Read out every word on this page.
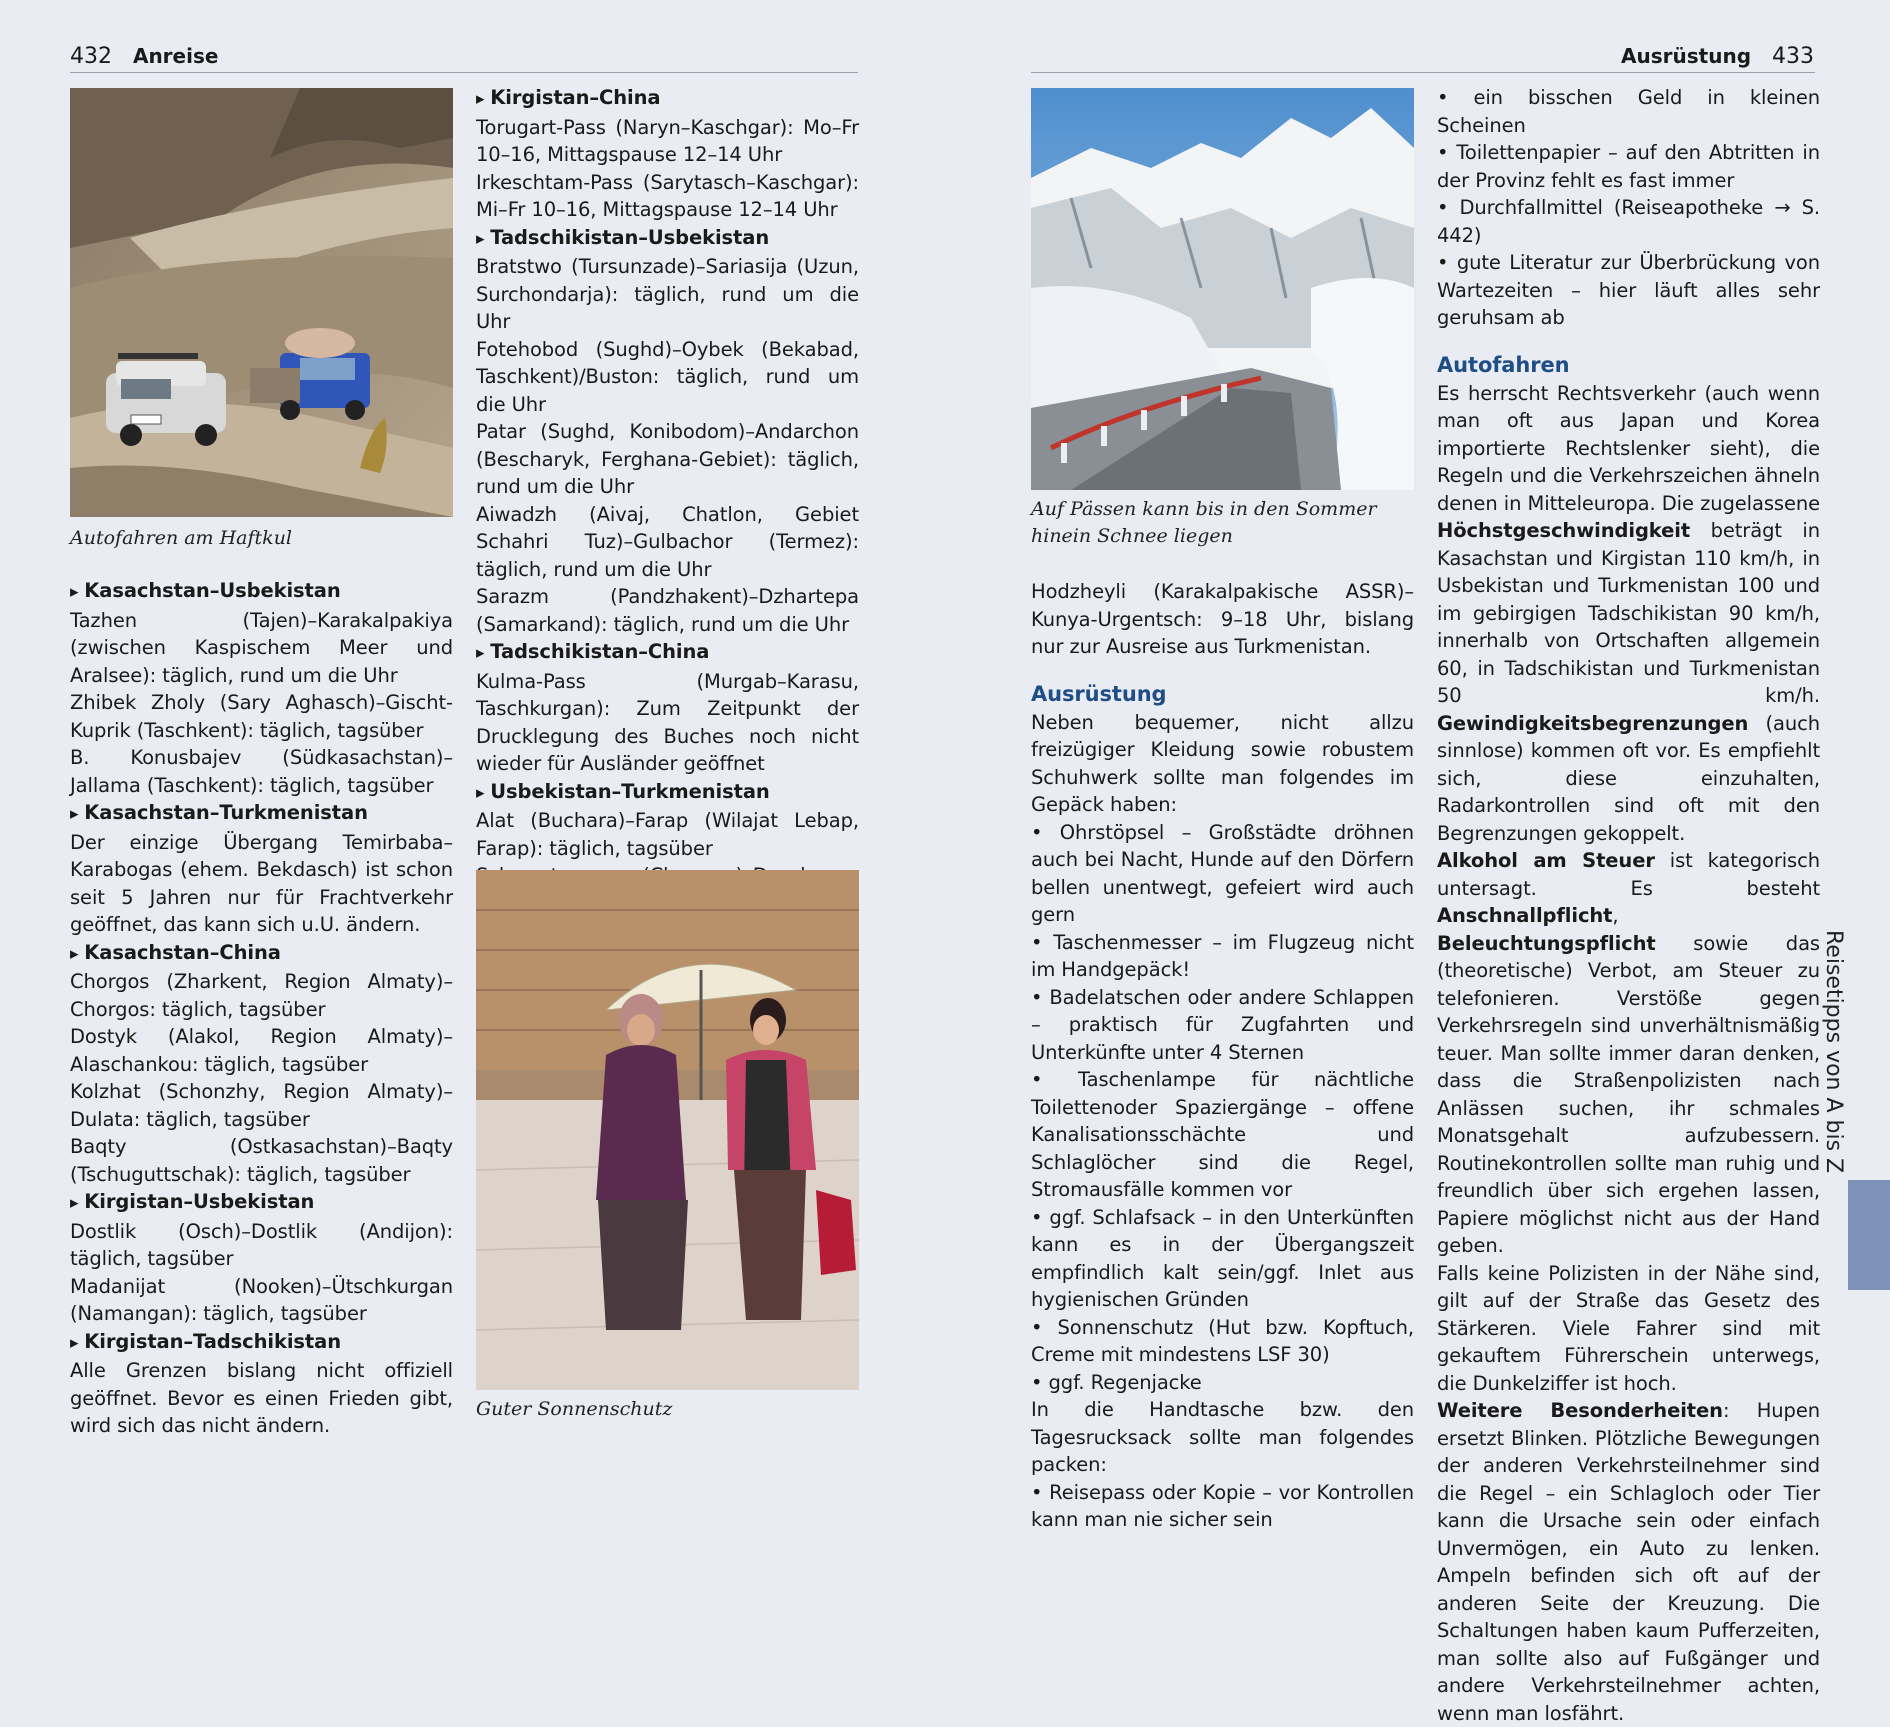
432 Anreise
Autofahren am Haftkul

▸ Kasachstan–Usbekistan

Tazhen (Tajen)–Karakalpakiya (zwischen Kaspischem Meer und Aralsee): täglich, rund um die Uhr

Zhibek Zholy (Sary Aghasch)–Gischt-Kuprik (Taschkent): täglich, tagsüber

B. Konusbajev (Südkasachstan)–Jallama (Taschkent): täglich, tagsüber

▸ Kasachstan–Turkmenistan

Der einzige Übergang Temirbaba–Karabogas (ehem. Bekdasch) ist schon seit 5 Jahren nur für Frachtverkehr geöffnet, das kann sich u.U. ändern.

▸ Kasachstan–China

Chorgos (Zharkent, Region Almaty)–Chorgos: täglich, tagsüber

Dostyk (Alakol, Region Almaty)–Alaschankou: täglich, tagsüber

Kolzhat (Schonzhy, Region Almaty)–Dulata: täglich, tagsüber

Baqty (Ostkasachstan)–Baqty (Tschuguttschak): täglich, tagsüber

▸ Kirgistan–Usbekistan

Dostlik (Osch)–Dostlik (Andijon): täglich, tagsüber

Madanijat (Nooken)–Ütschkurgan (Namangan): täglich, tagsüber

▸ Kirgistan–Tadschikistan

Alle Grenzen bislang nicht offiziell geöffnet. Bevor es einen Frieden gibt, wird sich das nicht ändern.

▸ Kirgistan–China

Torugart-Pass (Naryn–Kaschgar): Mo–Fr 10–16, Mittagspause 12–14 Uhr

Irkeschtam-Pass (Sarytasch–Kaschgar): Mi–Fr 10–16, Mittagspause 12–14 Uhr

▸ Tadschikistan–Usbekistan

Bratstwo (Tursunzade)–Sariasija (Uzun, Surchondarja): täglich, rund um die Uhr

Fotehobod (Sughd)–Oybek (Bekabad, Taschkent)/Buston: täglich, rund um die Uhr

Patar (Sughd, Konibodom)–Andarchon (Bescharyk, Ferghana-Gebiet): täglich, rund um die Uhr

Aiwadzh (Aivaj, Chatlon, Gebiet Schahri Tuz)–Gulbachor (Termez): täglich, rund um die Uhr

Sarazm (Pandzhakent)–Dzhartepa (Samarkand): täglich, rund um die Uhr

▸ Tadschikistan–China

Kulma-Pass (Murgab–Karasu, Taschkurgan): Zum Zeitpunkt der Drucklegung des Buches noch nicht wieder für Ausländer geöffnet

▸ Usbekistan–Turkmenistan

Alat (Buchara)–Farap (Wilajat Lebap, Farap): täglich, tagsüber

Guter Sonnenschutz
Ausrüstung 433
Auf Pässen kann bis in den Sommer hinein Schnee liegen

Hodzheyli (Karakalpakische ASSR)–Kunya-Urgentsch: 9–18 Uhr, bislang nur zur Ausreise aus Turkmenistan.

Ausrüstung

Neben bequemer, nicht allzu freizügiger Kleidung sowie robustem Schuhwerk sollte man folgendes im Gepäck haben:

• Ohrstöpsel – Großstädte dröhnen auch bei Nacht, Hunde auf den Dörfern bellen unentwegt, gefeiert wird auch gern

• Taschenmesser – im Flugzeug nicht im Handgepäck!

• Badelatschen oder andere Schlappen – praktisch für Zugfahrten und Unterkünfte unter 4 Sternen

• Taschenlampe für nächtliche Toilettenoder Spaziergänge – offene Kanalisationsschächte und Schlaglöcher sind die Regel, Stromausfälle kommen vor

• ggf. Schlafsack – in den Unterkünften kann es in der Übergangszeit empfindlich kalt sein/ggf. Inlet aus hygienischen Gründen

• Sonnenschutz (Hut bzw. Kopftuch, Creme mit mindestens LSF 30)

• ggf. Regenjacke

In die Handtasche bzw. den Tagesrucksack sollte man folgendes packen:

• Reisepass oder Kopie – vor Kontrollen kann man nie sicher sein

• ein bisschen Geld in kleinen Scheinen

• Toilettenpapier – auf den Abtritten in der Provinz fehlt es fast immer

• Durchfallmittel (Reiseapotheke → S. 442)

• gute Literatur zur Überbrückung von Wartezeiten – hier läuft alles sehr geruhsam ab

Autofahren

Es herrscht Rechtsverkehr (auch wenn man oft aus Japan und Korea importierte Rechtslenker sieht), die Regeln und die Verkehrszeichen ähneln denen in Mitteleuropa. Die zugelassene Höchstgeschwindigkeit beträgt in Kasachstan und Kirgistan 110 km/h, in Usbekistan und Turkmenistan 100 und im gebirgigen Tadschikistan 90 km/h, innerhalb von Ortschaften allgemein 60, in Tadschikistan und Turkmenistan 50 km/h. Gewindigkeitsbegrenzungen (auch sinnlose) kommen oft vor. Es empfiehlt sich, diese einzuhalten, Radarkontrollen sind oft mit den Begrenzungen gekoppelt.

Alkohol am Steuer ist kategorisch untersagt. Es besteht Anschnallpflicht, Beleuchtungspflicht sowie das (theoretische) Verbot, am Steuer zu telefonieren. Verstöße gegen Verkehrsregeln sind unverhältnismäßig teuer. Man sollte immer daran denken, dass die Straßenpolizisten nach Anlässen suchen, ihr schmales Monatsgehalt aufzubessern. Routinekontrollen sollte man ruhig und freundlich über sich ergehen lassen, Papiere möglichst nicht aus der Hand geben.

Falls keine Polizisten in der Nähe sind, gilt auf der Straße das Gesetz des Stärkeren. Viele Fahrer sind mit gekauftem Führerschein unterwegs, die Dunkelziffer ist hoch.

Weitere Besonderheiten: Hupen ersetzt Blinken. Plötzliche Bewegungen der anderen Verkehrsteilnehmer sind die Regel – ein Schlagloch oder Tier kann die Ursache sein oder einfach Unvermögen, ein Auto zu lenken. Ampeln befinden sich oft auf der anderen Seite der Kreuzung. Die Schaltungen haben kaum Pufferzeiten, man sollte also auf Fußgänger und andere Verkehrsteilnehmer achten, wenn man losfährt.

Reisetipps von A bis Z
